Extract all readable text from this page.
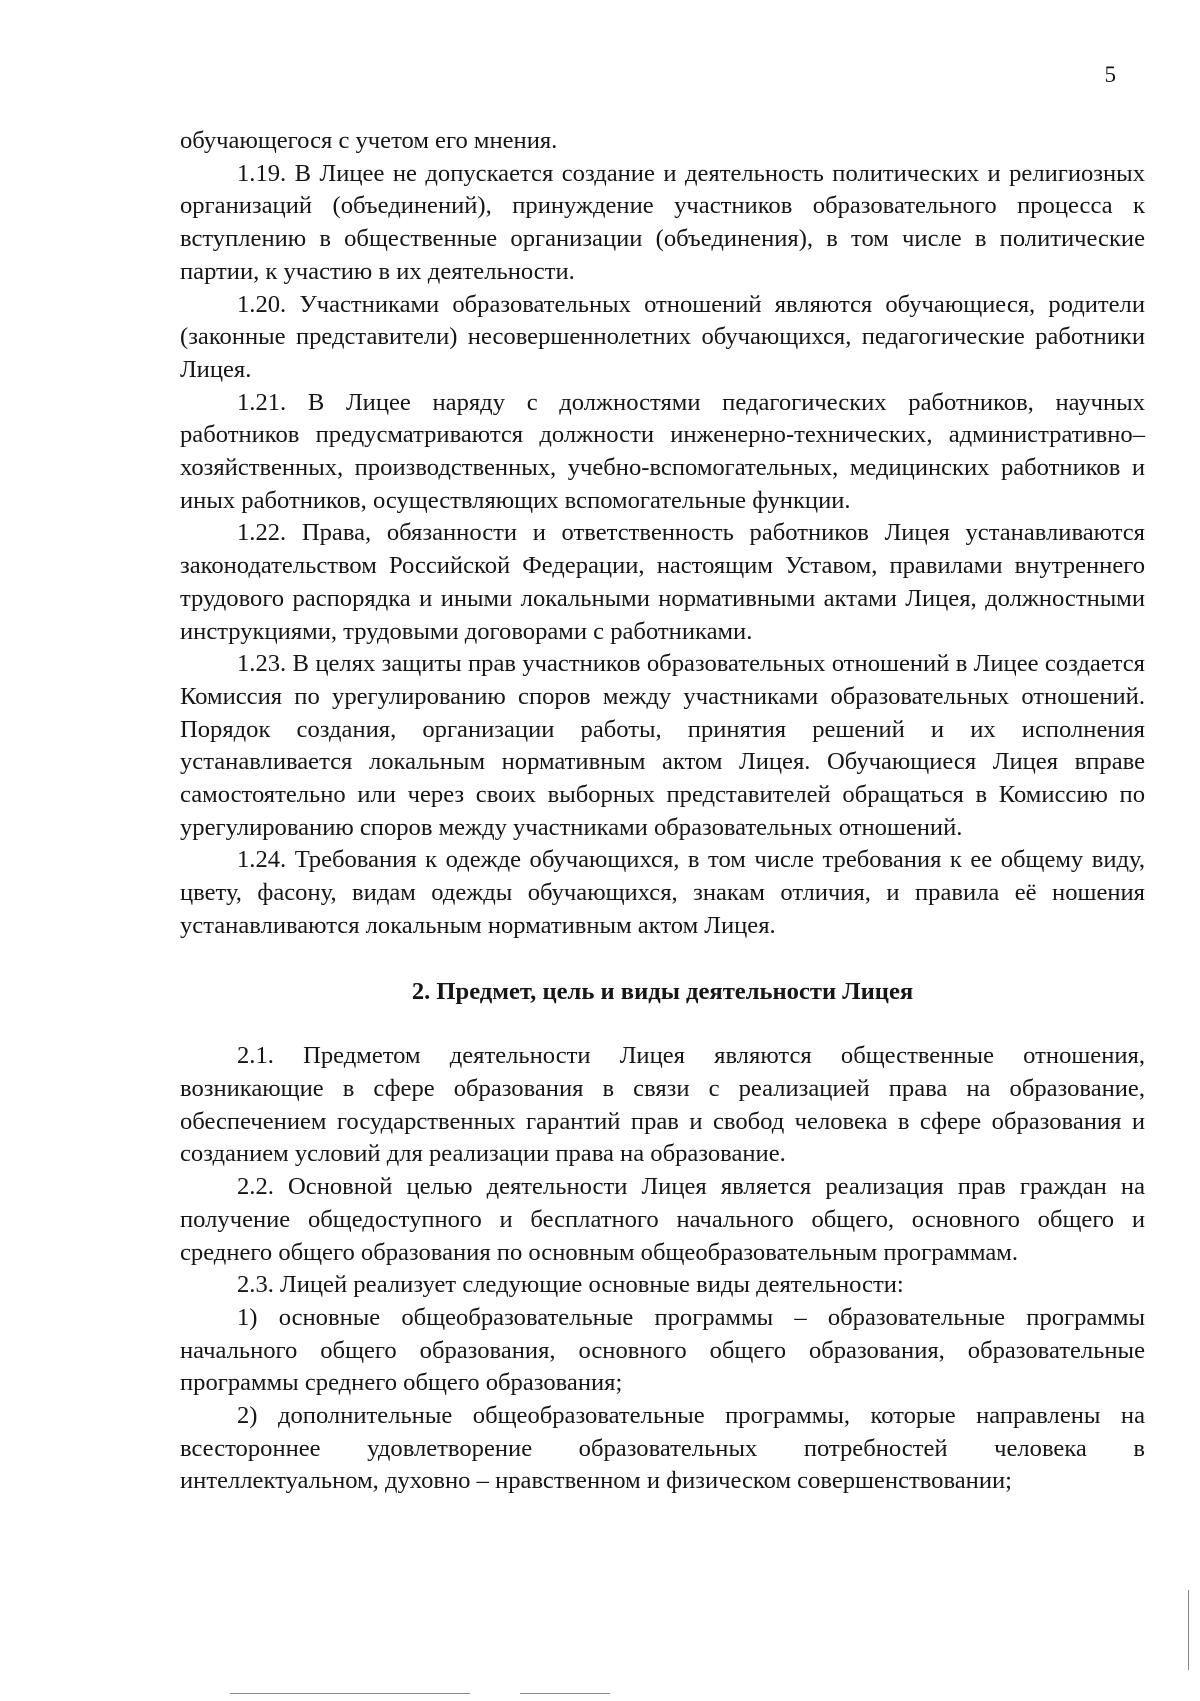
5

обучающегося с учетом его мнения.

1.19. В Лицее не допускается создание и деятельность политических и религиозных организаций (объединений), принуждение участников образовательного процесса к вступлению в общественные организации (объединения), в том числе в политические партии, к участию в их деятельности.

1.20. Участниками образовательных отношений являются обучающиеся, родители (законные представители) несовершеннолетних обучающихся, педагогические работники Лицея.

1.21. В Лицее наряду с должностями педагогических работников, научных работников предусматриваются должности инженерно-технических, административно–хозяйственных, производственных, учебно-вспомогательных, медицинских работников и иных работников, осуществляющих вспомогательные функции.

1.22. Права, обязанности и ответственность работников Лицея устанавливаются законодательством Российской Федерации, настоящим Уставом, правилами внутреннего трудового распорядка и иными локальными нормативными актами Лицея, должностными инструкциями, трудовыми договорами с работниками.

1.23. В целях защиты прав участников образовательных отношений в Лицее создается Комиссия по урегулированию споров между участниками образовательных отношений. Порядок создания, организации работы, принятия решений и их исполнения устанавливается локальным нормативным актом Лицея. Обучающиеся Лицея вправе самостоятельно или через своих выборных представителей обращаться в Комиссию по урегулированию споров между участниками образовательных отношений.

1.24. Требования к одежде обучающихся, в том числе требования к ее общему виду, цвету, фасону, видам одежды обучающихся, знакам отличия, и правила её ношения устанавливаются локальным нормативным актом Лицея.

2. Предмет, цель и виды деятельности Лицея

2.1. Предметом деятельности Лицея являются общественные отношения, возникающие в сфере образования в связи с реализацией права на образование, обеспечением государственных гарантий прав и свобод человека в сфере образования и созданием условий для реализации права на образование.

2.2. Основной целью деятельности Лицея является реализация прав граждан на получение общедоступного и бесплатного начального общего, основного общего и среднего общего образования по основным общеобразовательным программам.

2.3. Лицей реализует следующие основные виды деятельности:

1) основные общеобразовательные программы – образовательные программы начального общего образования, основного общего образования, образовательные программы среднего общего образования;

2) дополнительные общеобразовательные программы, которые направлены на всестороннее удовлетворение образовательных потребностей человека в интеллектуальном, духовно – нравственном и физическом совершенствовании;
